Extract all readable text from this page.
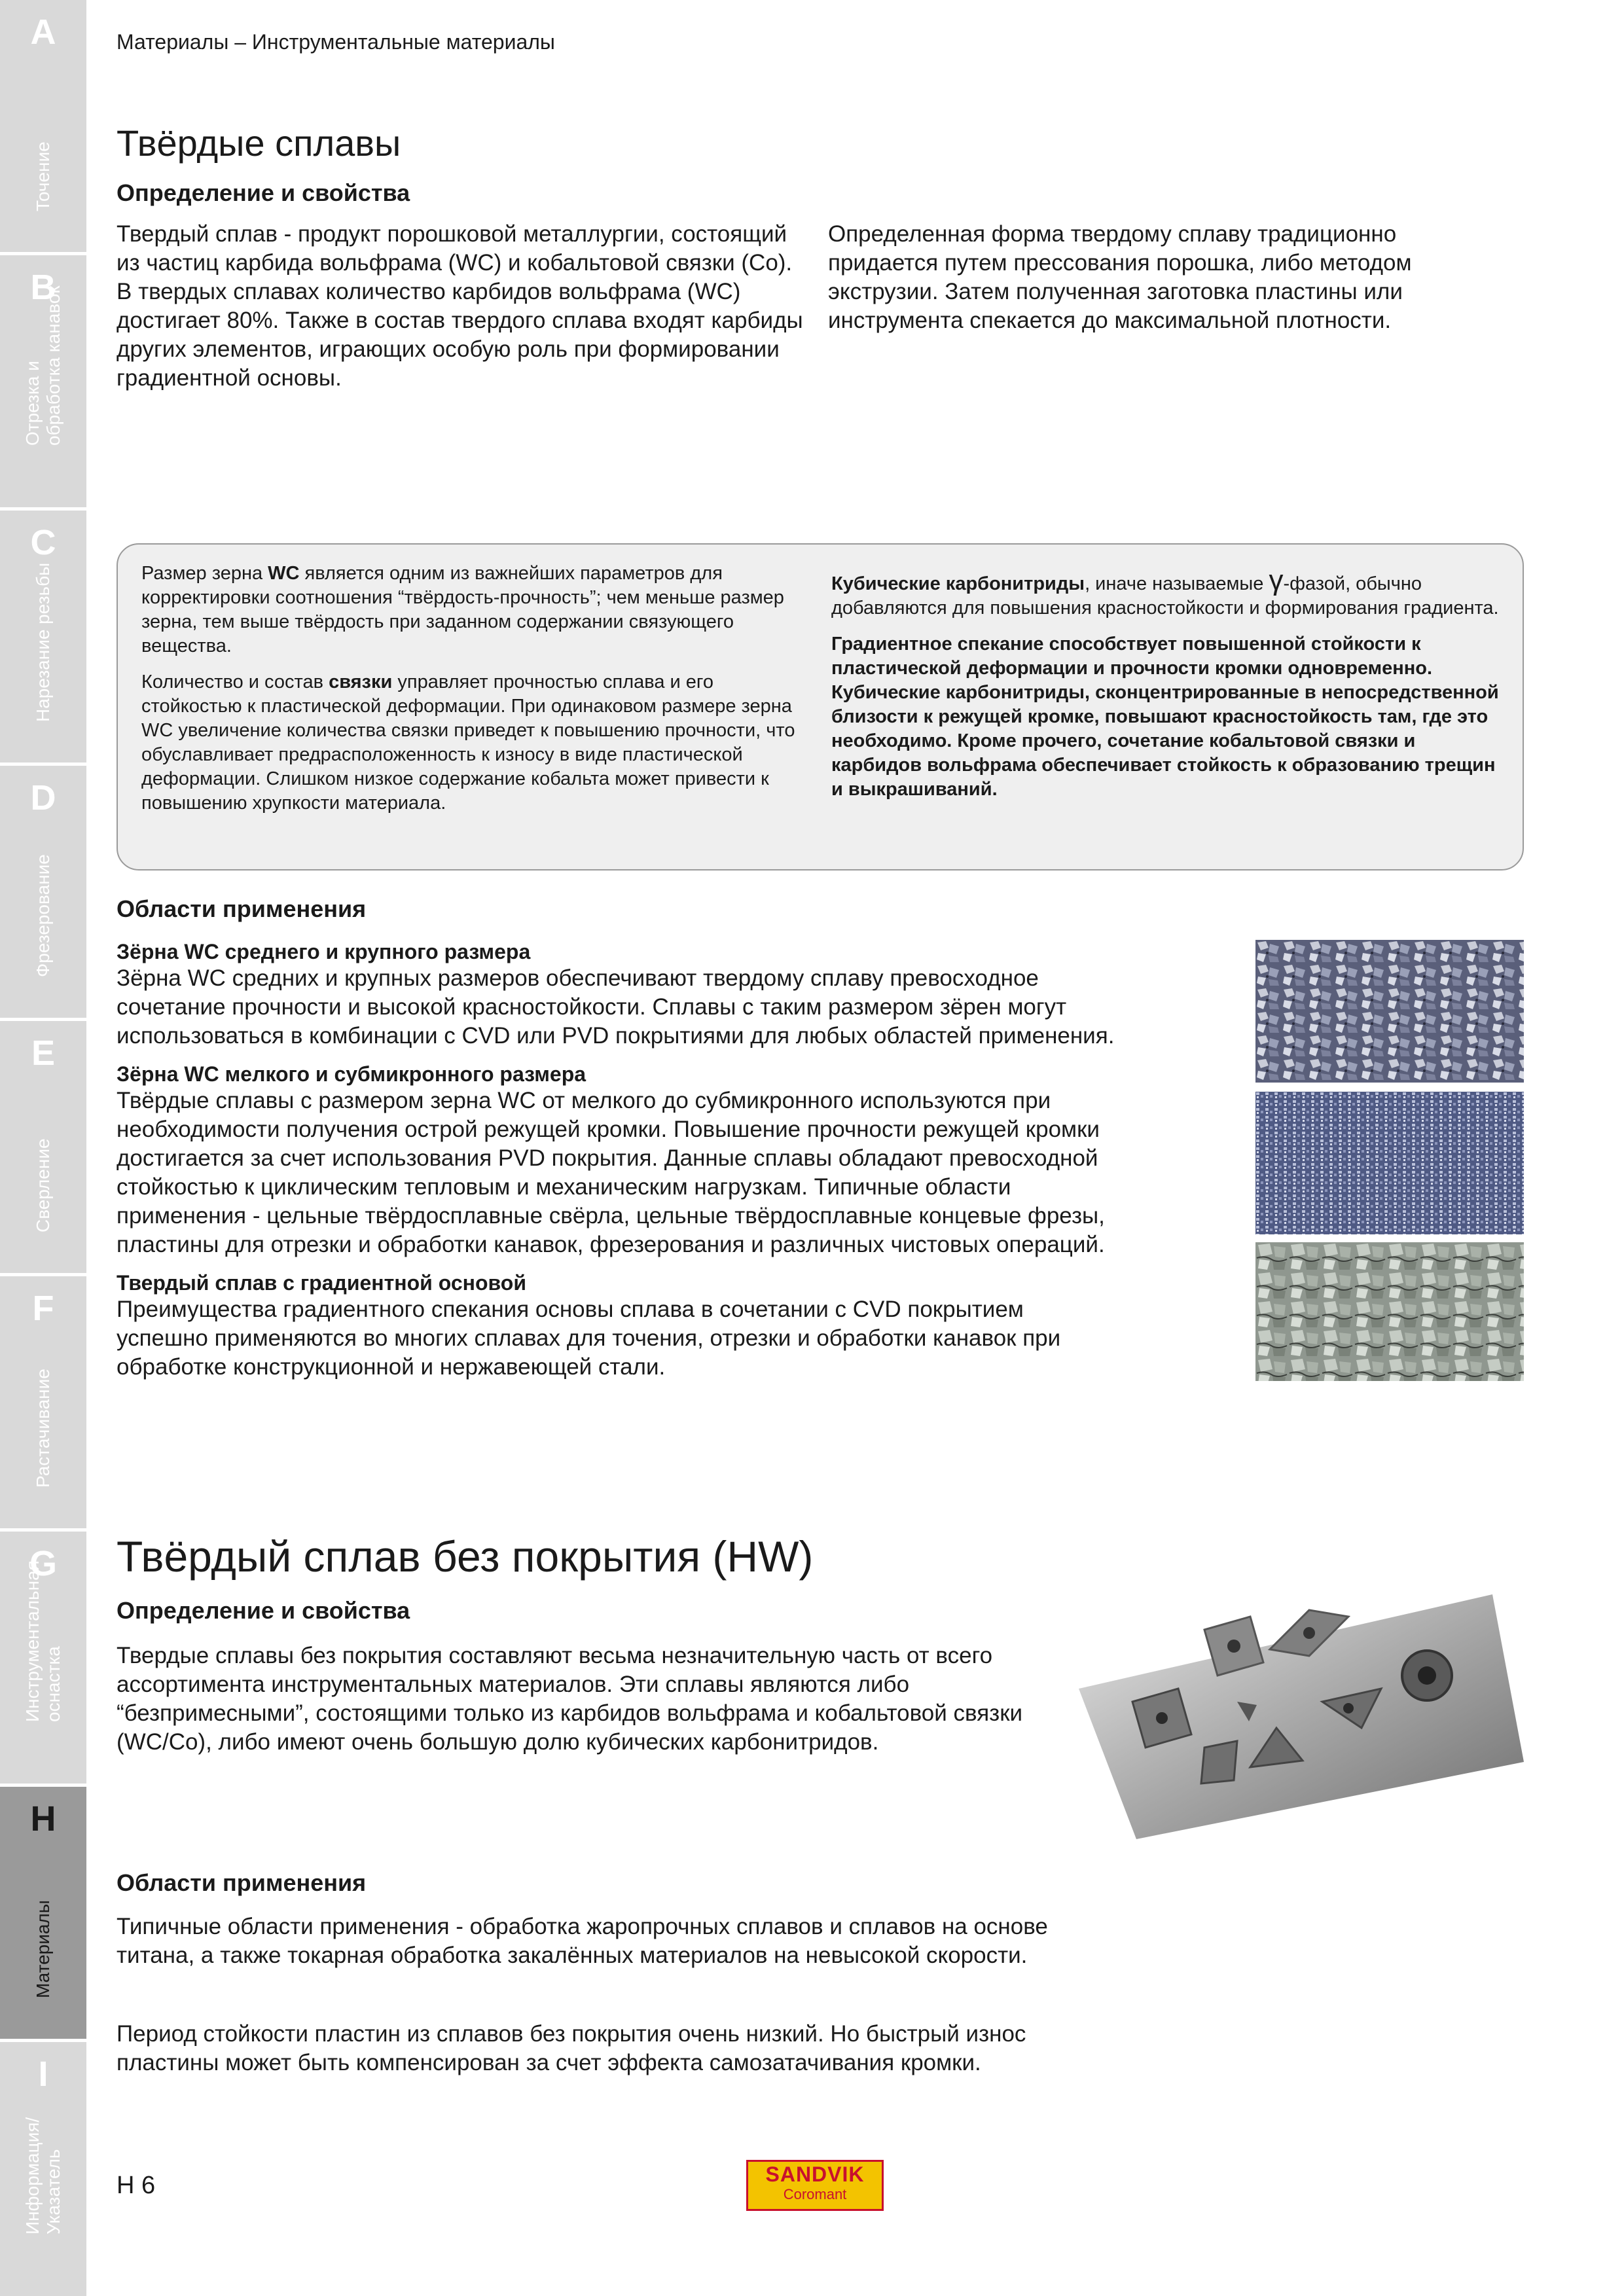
A
Точение
B
Отрезка и обработка канавок
C
Нарезание резьбы
D
Фрезерование
E
Сверление
F
Растачивание
G
Инструментальная оснастка
H
Материалы
I
Информация/ Указатель
Материалы – Инструментальные материалы
Твёрдые сплавы
Определение и свойства
Твердый сплав - продукт порошковой металлургии, состоящий из частиц карбида вольфрама (WC) и кобальтовой связки (Co). В твердых сплавах количество карбидов вольфрама (WC) достигает 80%. Также в состав твердого сплава входят карбиды других элементов, играющих особую роль при формировании градиентной основы.
Определенная форма твердому сплаву традиционно придается путем прессования порошка, либо методом экструзии. Затем полученная заготовка пластины или инструмента спекается до максимальной плотности.

Размер зерна WC является одним из важнейших параметров для корректировки соотношения “твёрдость-прочность”; чем меньше размер зерна, тем выше твёрдость при заданном содержании связующего вещества.

Количество и состав связки управляет прочностью сплава и его стойкостью к пластической деформации. При одинаковом размере зерна WC увеличение количества связки приведет к повышению прочности, что обуславливает предрасположенность к износу в виде пластической деформации. Слишком низкое содержание кобальта может привести к повышению хрупкости материала.

Кубические карбонитриды, иначе называемые γ-фазой, обычно добавляются для повышения красностойкости и формирования градиента.

Градиентное спекание способствует повышенной стойкости к пластической деформации и прочности кромки одновременно. Кубические карбонитриды, сконцентрированные в непосредственной близости к режущей кромке, повышают красностойкость там, где это необходимо. Кроме прочего, сочетание кобальтовой связки и карбидов вольфрама обеспечивает стойкость к образованию трещин и выкрашиваний.

Области применения
Зёрна WC среднего и крупного размера
Зёрна WC средних и крупных размеров обеспечивают твердому сплаву превосходное сочетание прочности и высокой красностойкости. Сплавы с таким размером зёрен могут использоваться в комбинации с CVD или PVD покрытиями для любых областей применения.
Зёрна WC мелкого и субмикронного размера
Твёрдые сплавы с размером зерна WC от мелкого до субмикронного используются при необходимости получения острой режущей кромки. Повышение прочности режущей кромки достигается за счет использования PVD покрытия. Данные сплавы обладают превосходной стойкостью к циклическим тепловым и механическим нагрузкам. Типичные области применения - цельные твёрдосплавные свёрла, цельные твёрдосплавные концевые фрезы, пластины для отрезки и обработки канавок, фрезерования и различных чистовых операций.
Твердый сплав с градиентной основой
Преимущества градиентного спекания основы сплава в сочетании с CVD покрытием успешно применяются во многих сплавах для точения, отрезки и обработки канавок при обработке конструкционной и нержавеющей стали.
Твёрдый сплав без покрытия (HW)
Определение и свойства
Твердые сплавы без покрытия составляют весьма незначительную часть от всего ассортимента инструментальных материалов. Эти сплавы являются либо “безпримесными”, состоящими только из карбидов вольфрама и кобальтовой связки (WC/Co), либо имеют очень большую долю кубических карбонитридов.
Области применения
Типичные области применения - обработка жаропрочных сплавов и сплавов на основе титана, а также токарная обработка закалённых материалов на невысокой скорости.
Период стойкости пластин из сплавов без покрытия очень низкий. Но быстрый износ пластины может быть компенсирован за счет эффекта самозатачивания кромки.
H 6	SANDVIK
Coromant
